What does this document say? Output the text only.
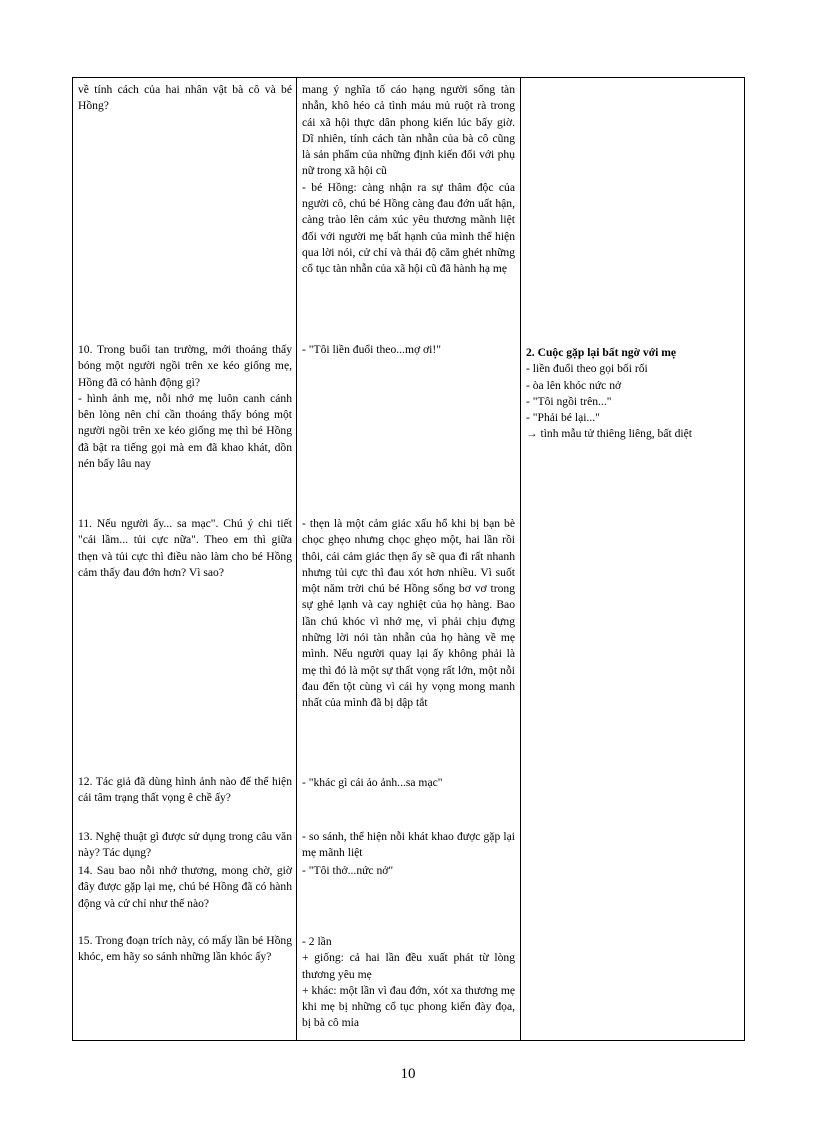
về tính cách của hai nhân vật bà cô và bé Hồng?

10. Trong buổi tan trường, mới thoáng thấy bóng một người ngồi trên xe kéo giống mẹ, Hồng đã có hành động gì?

- hình ảnh mẹ, nỗi nhớ mẹ luôn canh cánh bên lòng nên chỉ cần thoáng thấy bóng một người ngồi trên xe kéo giống mẹ thì bé Hồng đã bật ra tiếng gọi mà em đã khao khát, dồn nén bấy lâu nay

11. Nếu người ấy... sa mạc". Chú ý chi tiết "cái lầm... tủi cực nữa". Theo em thì giữa thẹn và tủi cực thì điều nào làm cho bé Hồng cảm thấy đau đớn hơn? Vì sao?

12. Tác giả đã dùng hình ảnh nào để thể hiện cái tâm trạng thất vọng ê chề ấy?

13. Nghệ thuật gì được sử dụng trong câu văn này? Tác dụng?

14. Sau bao nỗi nhớ thương, mong chờ, giờ đây được gặp lại mẹ, chú bé Hồng đã có hành động và cử chỉ như thế nào?

15. Trong đoạn trích này, có mấy lần bé Hồng khóc, em hãy so sánh những lần khóc ấy?

mang ý nghĩa tố cáo hạng người sống tàn nhẫn, khô héo cả tình máu mủ ruột rà trong cái xã hội thực dân phong kiến lúc bấy giờ. Dĩ nhiên, tính cách tàn nhẫn của bà cô cũng là sản phẩm của những định kiến đối với phụ nữ trong xã hội cũ

- bé Hồng: càng nhận ra sự thâm độc của người cô, chú bé Hồng càng đau đớn uất hận, càng trào lên cảm xúc yêu thương mãnh liệt đối với người mẹ bất hạnh của mình thể hiện qua lời nói, cử chỉ và thái độ căm ghét những cổ tục tàn nhẫn của xã hội cũ đã hành hạ mẹ

- "Tôi liền đuổi theo...mợ ơi!"

- thẹn là một cảm giác xấu hổ khi bị bạn bè chọc ghẹo nhưng chọc ghẹo một, hai lần rồi thôi, cái cảm giác thẹn ấy sẽ qua đi rất nhanh nhưng tủi cực thì đau xót hơn nhiều. Vì suốt một năm trời chú bé Hồng sống bơ vơ trong sự ghẻ lạnh và cay nghiệt của họ hàng. Bao lần chú khóc vì nhớ mẹ, vì phải chịu đựng những lời nói tàn nhẫn của họ hàng về mẹ mình. Nếu người quay lại ấy không phải là mẹ thì đó là một sự thất vọng rất lớn, một nỗi đau đến tột cùng vì cái hy vọng mong manh nhất của mình đã bị dập tắt

- "khác gì cái ảo ảnh...sa mạc"

- so sánh, thể hiện nỗi khát khao được gặp lại mẹ mãnh liệt

- "Tôi thở...nức nở"

- 2 lần

+ giống: cả hai lần đều xuất phát từ lòng thương yêu mẹ

+ khác: một lần vì đau đớn, xót xa thương mẹ khi mẹ bị những cổ tục phong kiến đày đọa, bị bà cô mỉa

2. Cuộc gặp lại bất ngờ với mẹ

- liền đuổi theo gọi bối rối

- òa lên khóc nức nở

- "Tôi ngồi trên..."

- "Phải bé lại..."

→ tình mẫu tử thiêng liêng, bất diệt

10
